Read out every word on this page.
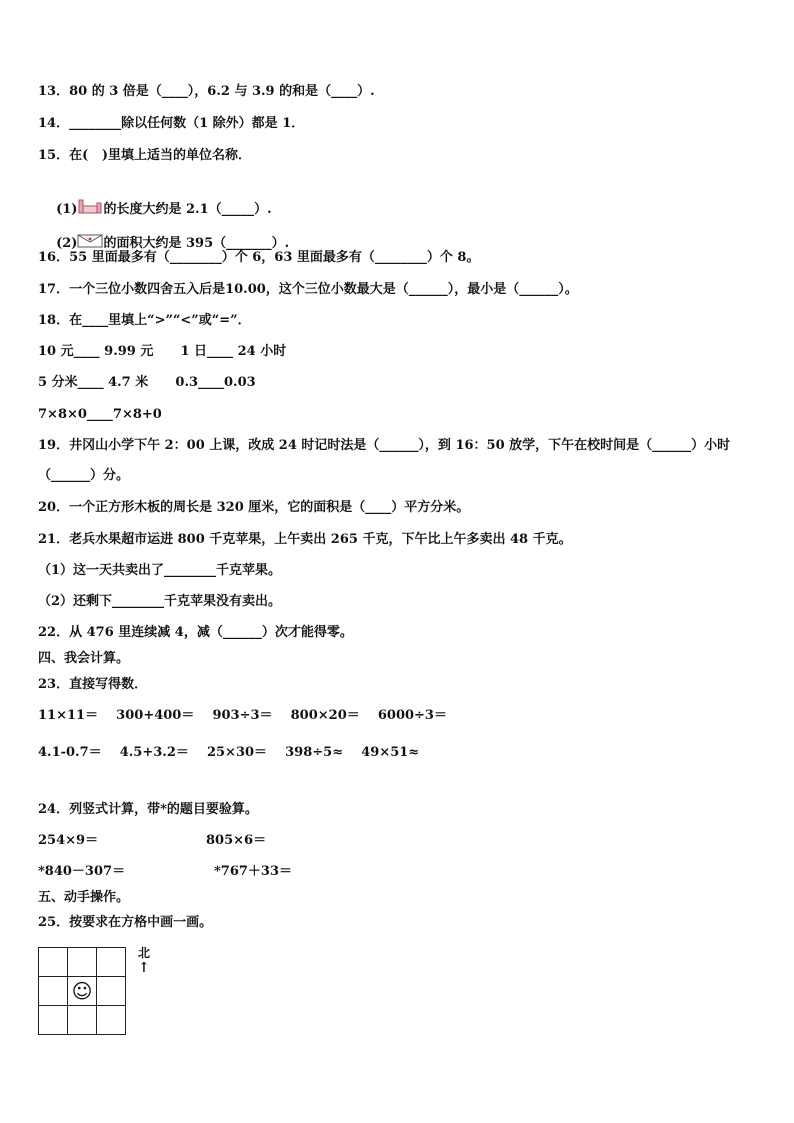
13．80 的 3 倍是（____），6.2 与 3.9 的和是（____）.
14．________除以任何数（1 除外）都是 1．
15．在(   )里填上适当的单位名称．

(1) 的长度大约是 2.1（_____）.

(2) 的面积大约是 395（_______）.

16．55 里面最多有（________）个 6，63 里面最多有（________）个 8。
17．一个三位小数四舍五入后是10.00，这个三位小数最大是（______），最小是（______）。
18．在____里填上“>”“<”或“=”．
10 元____ 9.99 元      1 日____ 24 小时
5 分米____ 4.7 米      0.3____0.03
7×8×0____7×8+0
19．井冈山小学下午 2：00 上课，改成 24 时记时法是（______），到 16：50 放学，下午在校时间是（______）小时
（______）分。
20．一个正方形木板的周长是 320 厘米，它的面积是（____）平方分米。
21．老兵水果超市运进 800 千克苹果，上午卖出 265 千克，下午比上午多卖出 48 千克。
（1）这一天共卖出了________千克苹果。
（2）还剩下________千克苹果没有卖出。
22．从 476 里连续减 4，减（______）次才能得零。
四、我会计算。
23．直接写得数．
11×11＝    300+400＝    903÷3＝    800×20＝    6000÷3＝
4.1-0.7＝    4.5+3.2＝    25×30＝    398÷5≈    49×51≈
24．列竖式计算，带*的题目要验算。
254×9＝	805×6＝
*840－307＝	*767＋33＝
五、动手操作。
25．按要求在方格中画一画。

	☺	

北
↑
